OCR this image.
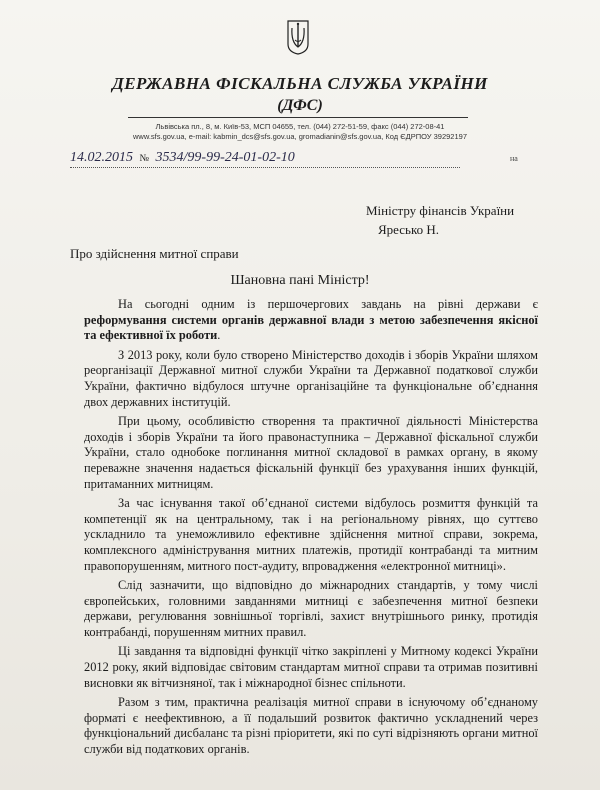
ДЕРЖАВНА ФІСКАЛЬНА СЛУЖБА УКРАЇНИ
(ДФС)
Львівська пл., 8, м. Київ-53, МСП 04655, тел. (044) 272-51-59, факс (044) 272-08-41
www.sfs.gov.ua, e-mail: kabmin_dcs@sfs.gov.ua, gromadianin@sfs.gov.ua, Код ЄДРПОУ 39292197
14.02.2015 № 3534/99-99-24-01-02-10	на
Міністру фінансів України
Яресько Н.
Про здійснення митної справи
Шановна пані Міністр!

На сьогодні одним із першочергових завдань на рівні держави є реформування системи органів державної влади з метою забезпечення якісної та ефективної їх роботи.

З 2013 року, коли було створено Міністерство доходів і зборів України шляхом реорганізації Державної митної служби України та Державної податкової служби України, фактично відбулося штучне організаційне та функціональне об’єднання двох державних інституцій.

При цьому, особливістю створення та практичної діяльності Міністерства доходів і зборів України та його правонаступника – Державної фіскальної служби України, стало однобоке поглинання митної складової в рамках органу, в якому переважне значення надається фіскальній функції без урахування інших функцій, притаманних митницям.

За час існування такої об’єднаної системи відбулось розмиття функцій та компетенції як на центральному, так і на регіональному рівнях, що суттєво ускладнило та унеможливило ефективне здійснення митної справи, зокрема, комплексного адміністрування митних платежів, протидії контрабанді та митним правопорушенням, митного пост-аудиту, впровадження «електронної митниці».

Слід зазначити, що відповідно до міжнародних стандартів, у тому числі європейських, головними завданнями митниці є забезпечення митної безпеки держави, регулювання зовнішньої торгівлі, захист внутрішнього ринку, протидія контрабанді, порушенням митних правил.

Ці завдання та відповідні функції чітко закріплені у Митному кодексі України 2012 року, який відповідає світовим стандартам митної справи та отримав позитивні висновки як вітчизняної, так і міжнародної бізнес спільноти.

Разом з тим, практична реалізація митної справи в існуючому об’єднаному форматі є неефективною, а її подальший розвиток фактично ускладнений через функціональний дисбаланс та різні пріоритети, які по суті відрізняють органи митної служби від податкових органів.
